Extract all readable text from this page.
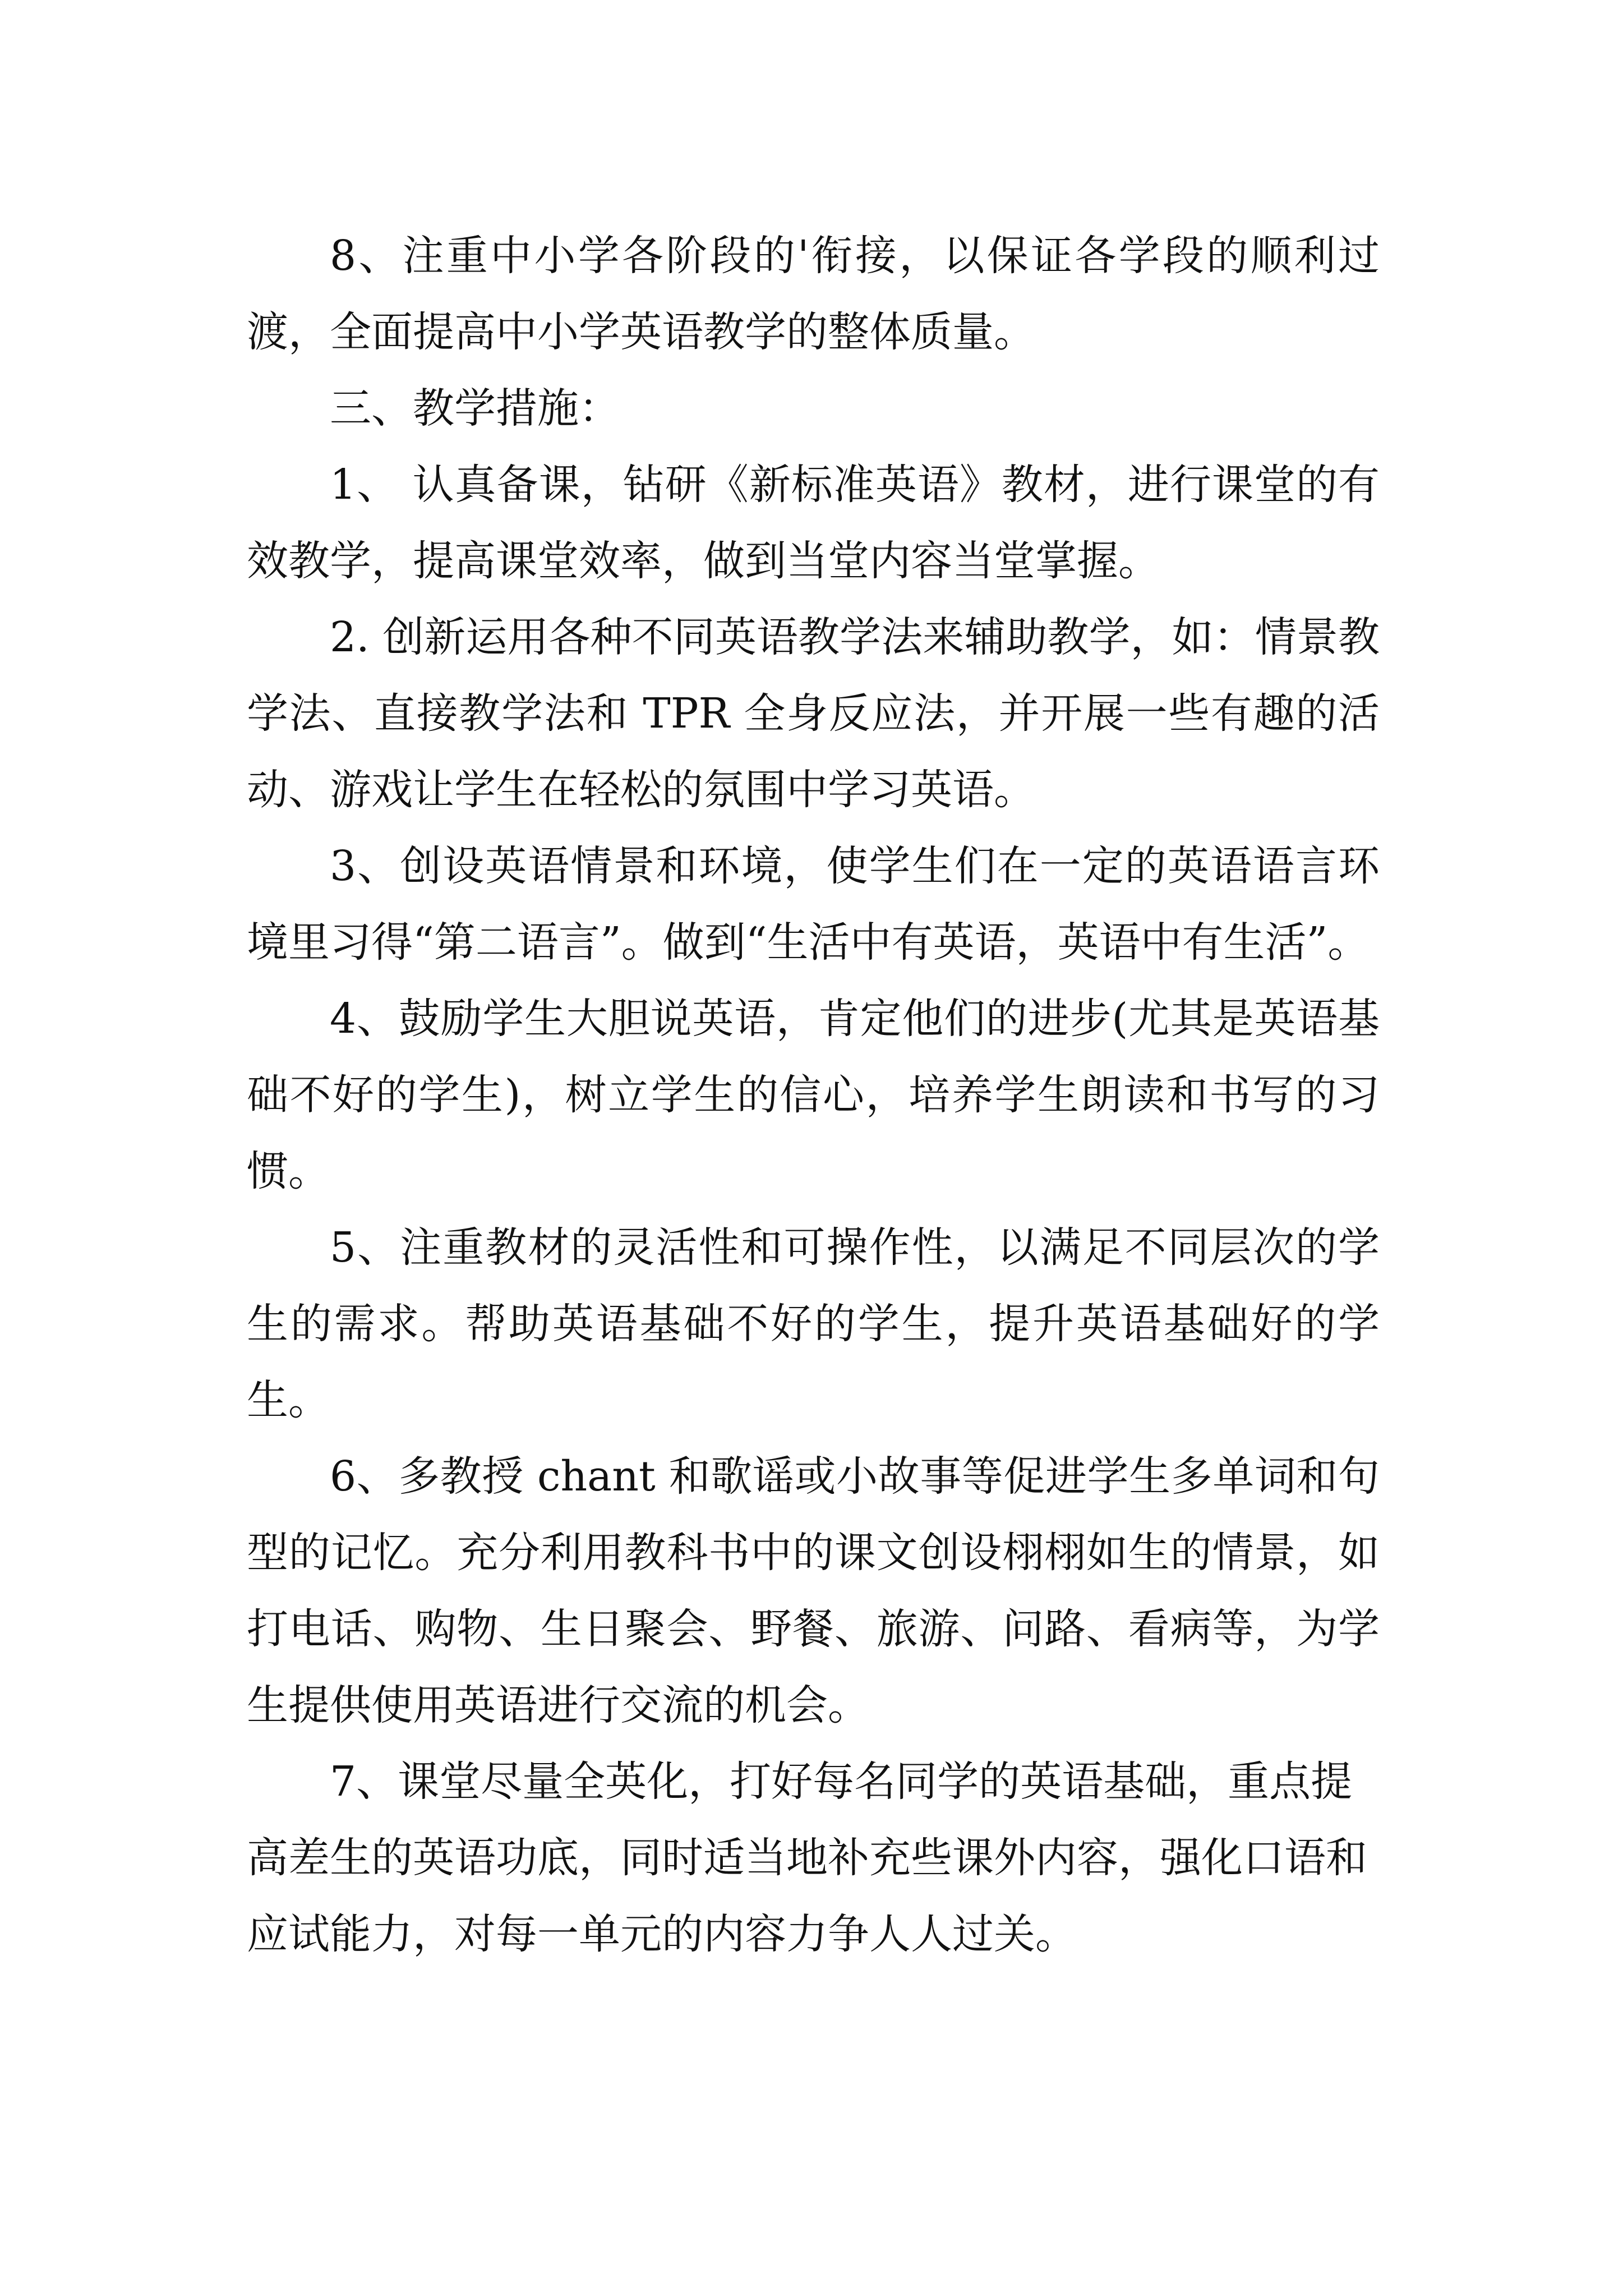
8、注重中小学各阶段的'衔接，以保证各学段的顺利过渡，全面提高中小学英语教学的整体质量。

三、教学措施：

1、 认真备课，钻研《新标准英语》教材，进行课堂的有效教学，提高课堂效率，做到当堂内容当堂掌握。

2. 创新运用各种不同英语教学法来辅助教学，如：情景教学法、直接教学法和 TPR 全身反应法，并开展一些有趣的活动、游戏让学生在轻松的氛围中学习英语。

3、创设英语情景和环境，使学生们在一定的英语语言环境里习得“第二语言”。做到“生活中有英语，英语中有生活”。

4、鼓励学生大胆说英语，肯定他们的进步(尤其是英语基础不好的学生)，树立学生的信心，培养学生朗读和书写的习惯。

5、注重教材的灵活性和可操作性，以满足不同层次的学生的需求。帮助英语基础不好的学生，提升英语基础好的学生。

6、多教授 chant 和歌谣或小故事等促进学生多单词和句型的记忆。充分利用教科书中的课文创设栩栩如生的情景，如打电话、购物、生日聚会、野餐、旅游、问路、看病等，为学生提供使用英语进行交流的机会。

7、课堂尽量全英化，打好每名同学的英语基础，重点提高差生的英语功底，同时适当地补充些课外内容，强化口语和应试能力，对每一单元的内容力争人人过关。
